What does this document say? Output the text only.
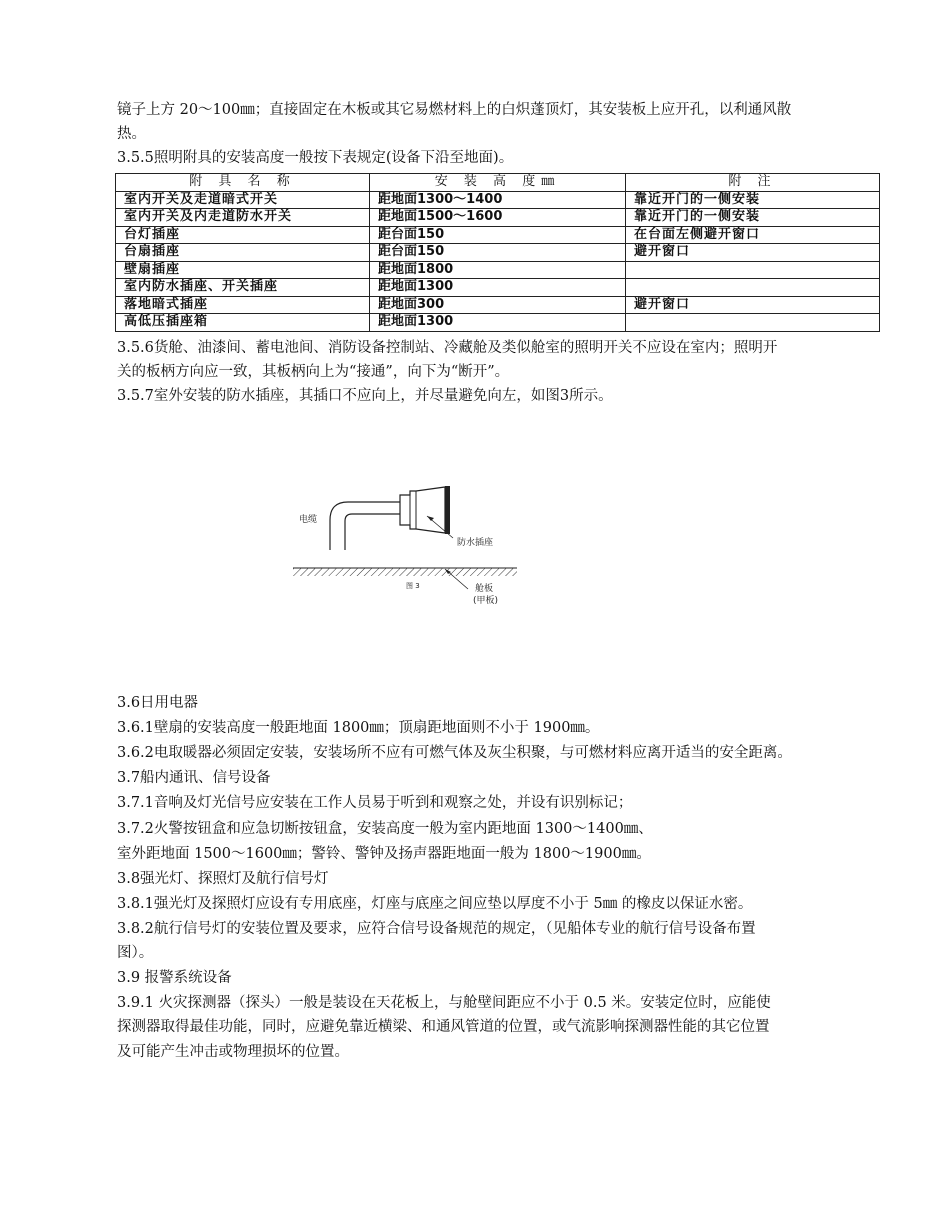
镜子上方 20～100㎜；直接固定在木板或其它易燃材料上的白炽蓬顶灯，其安装板上应开孔，以利通风散
热。
3.5.5照明附具的安装高度一般按下表规定(设备下沿至地面)。
附 具 名 称	安 装 高 度㎜	附 注
室内开关及走道暗式开关	距地面1300～1400	靠近开门的一侧安装
室内开关及内走道防水开关	距地面1500～1600	靠近开门的一侧安装
台灯插座	距台面150	在台面左侧避开窗口
台扇插座	距台面150	避开窗口
壁扇插座	距地面1800	
室内防水插座、开关插座	距地面1300	
落地暗式插座	距地面300	避开窗口
高低压插座箱	距地面1300	
3.5.6货舱、油漆间、蓄电池间、消防设备控制站、冷藏舱及类似舱室的照明开关不应设在室内；照明开
关的板柄方向应一致，其板柄向上为“接通”，向下为“断开”。
3.5.7室外安装的防水插座，其插口不应向上，并尽量避免向左，如图3所示。
电缆
防水插座
图 3	舱板
(甲板)
3.6日用电器
3.6.1壁扇的安装高度一般距地面 1800㎜；顶扇距地面则不小于 1900㎜。
3.6.2电取暖器必须固定安装，安装场所不应有可燃气体及灰尘积聚，与可燃材料应离开适当的安全距离。
3.7船内通讯、信号设备
3.7.1音响及灯光信号应安装在工作人员易于听到和观察之处，并设有识别标记；
3.7.2火警按钮盒和应急切断按钮盒，安装高度一般为室内距地面 1300～1400㎜、
室外距地面 1500～1600㎜；警铃、警钟及扬声器距地面一般为 1800～1900㎜。
3.8强光灯、探照灯及航行信号灯
3.8.1强光灯及探照灯应设有专用底座，灯座与底座之间应垫以厚度不小于 5㎜ 的橡皮以保证水密。
3.8.2航行信号灯的安装位置及要求，应符合信号设备规范的规定，（见船体专业的航行信号设备布置
图）。
3.9 报警系统设备
3.9.1 火灾探测器（探头）一般是装设在天花板上，与舱壁间距应不小于 0.5 米。安装定位时，应能使
探测器取得最佳功能，同时，应避免靠近横梁、和通风管道的位置，或气流影响探测器性能的其它位置
及可能产生冲击或物理损坏的位置。
